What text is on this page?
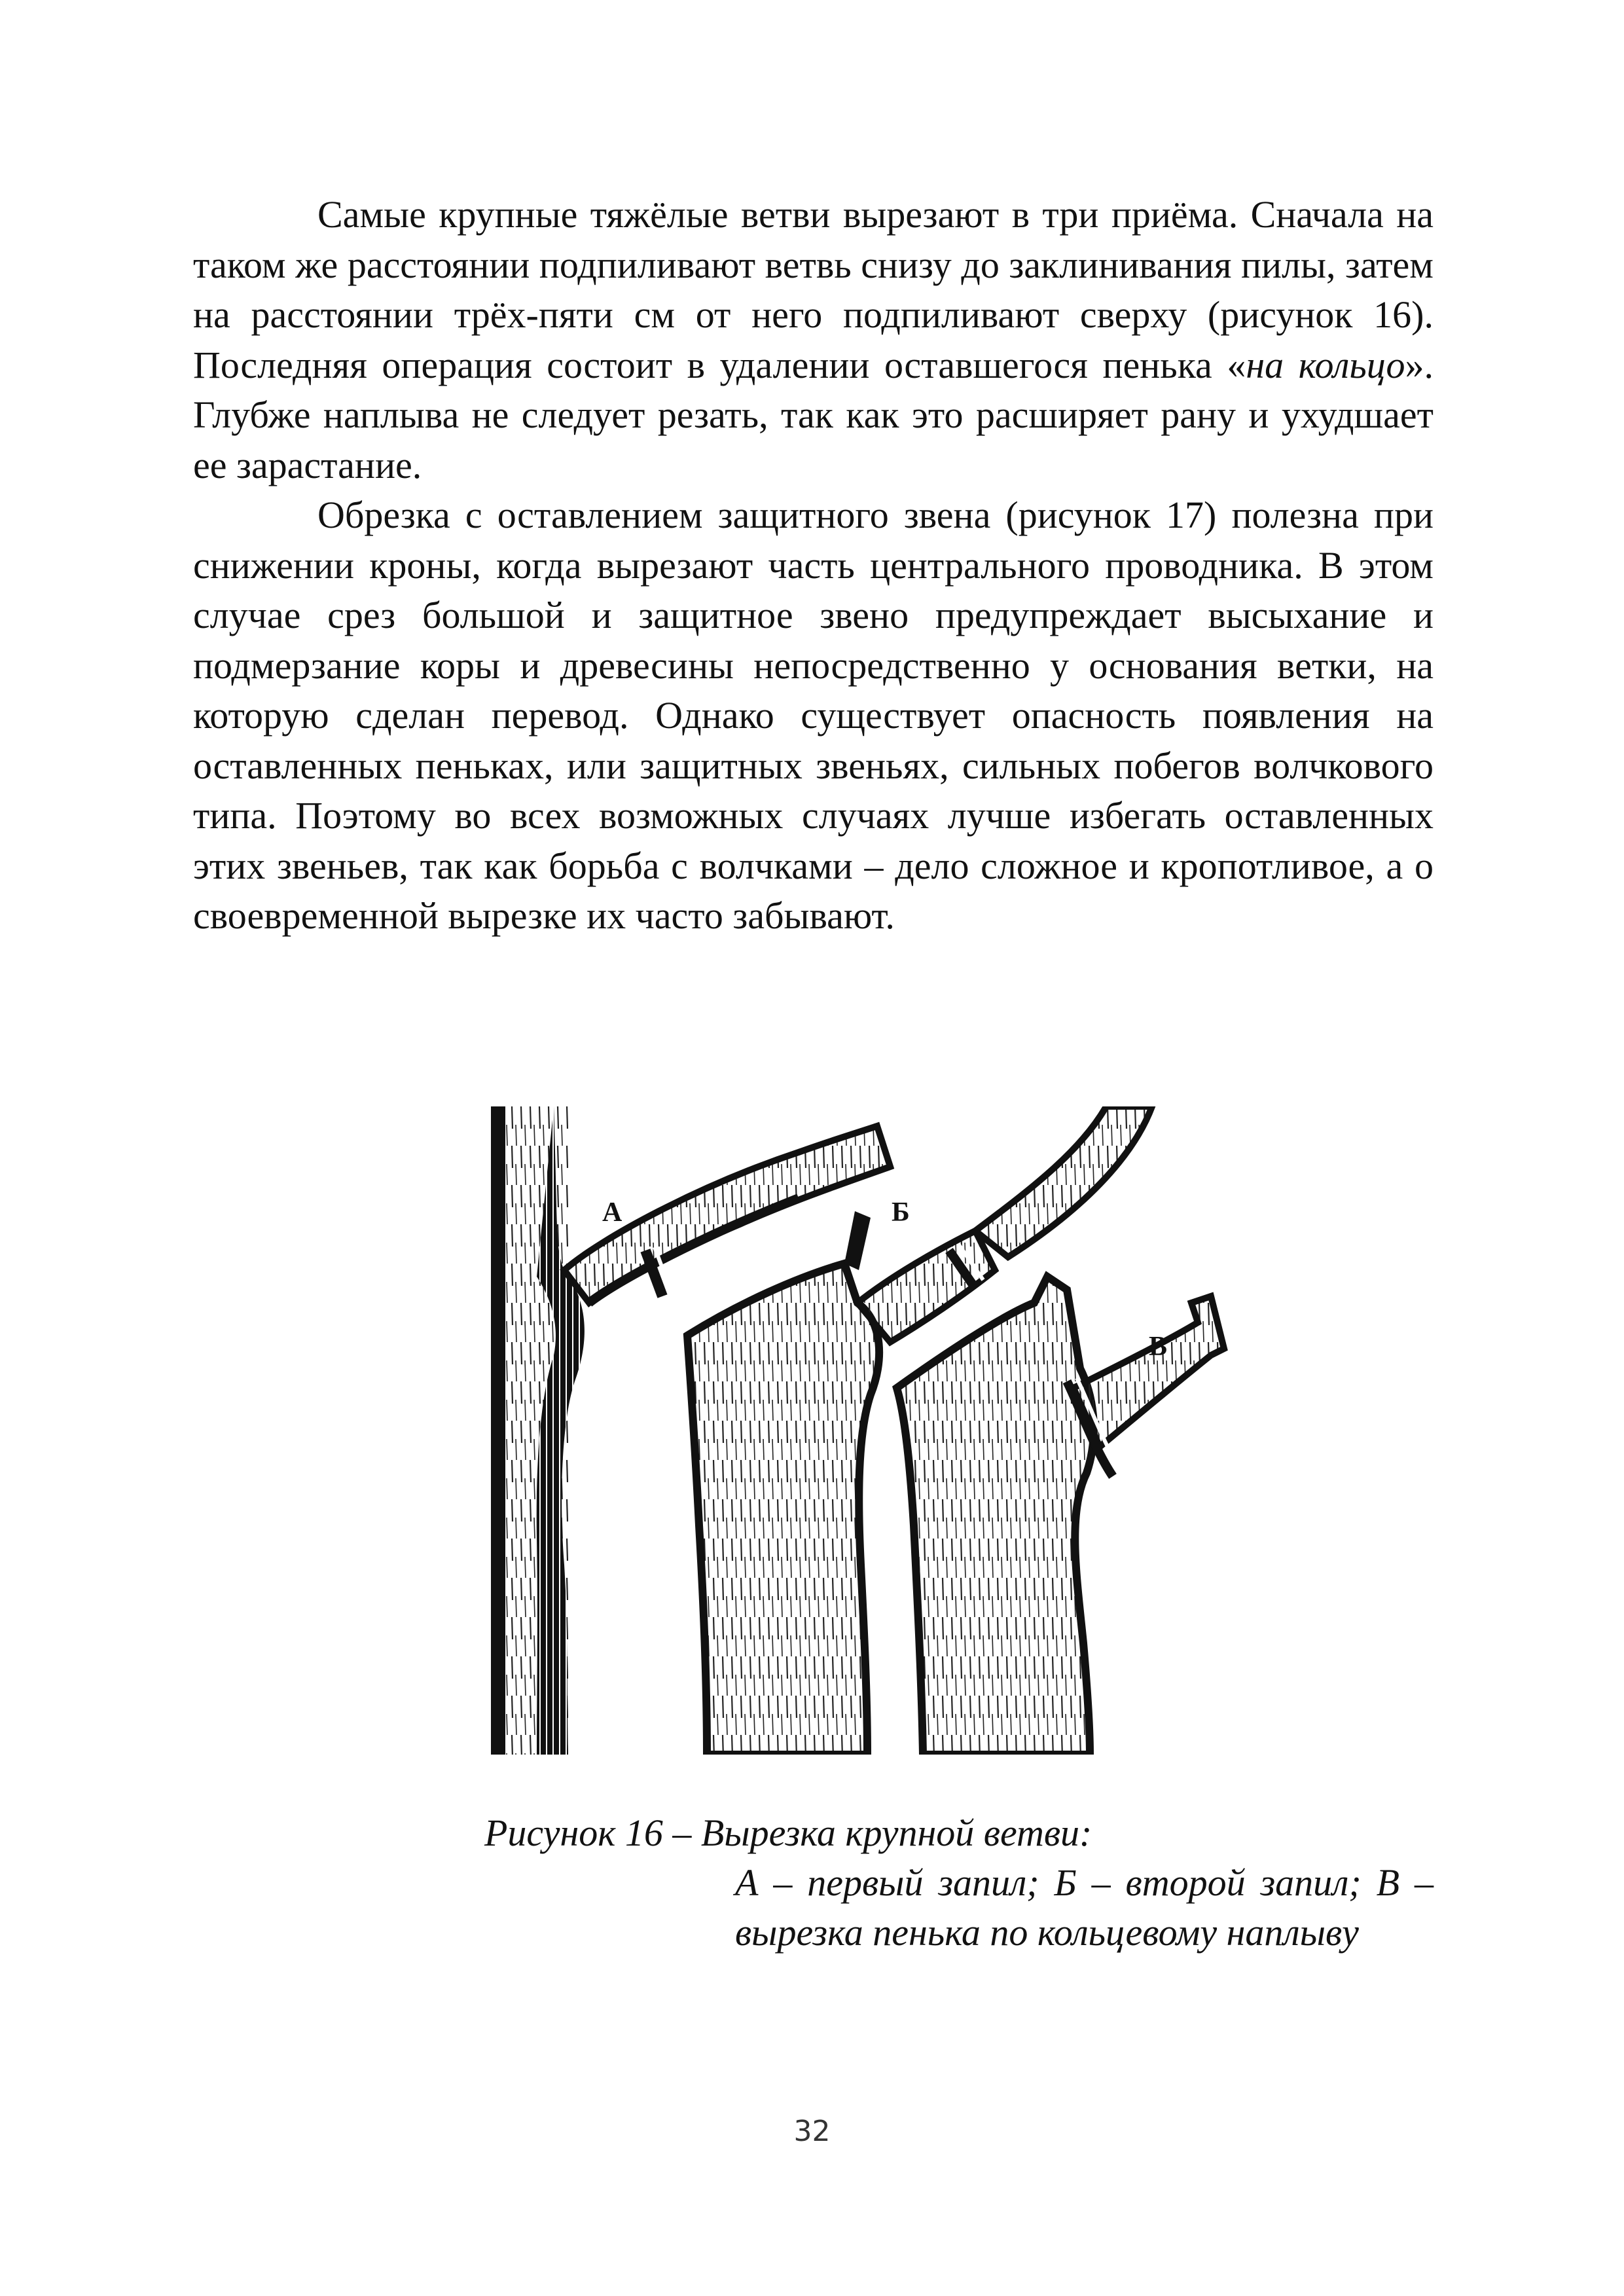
Самые крупные тяжёлые ветви вырезают в три приёма. Сначала на таком же расстоянии подпиливают ветвь снизу до заклинивания пилы, затем на расстоянии трёх-пяти см от него подпиливают сверху (рисунок 16). Последняя операция состоит в удалении оставшегося пенька «на кольцо». Глубже наплыва не следует резать, так как это расширяет рану и ухудшает ее зарастание.

Обрезка с оставлением защитного звена (рисунок 17) полезна при снижении кроны, когда вырезают часть центрального проводника. В этом случае срез большой и защитное звено предупреждает высыхание и подмерзание коры и древесины непосредственно у основания ветки, на которую сделан перевод. Однако существует опасность появления на оставленных пеньках, или защитных звеньях, сильных побегов волчкового типа. Поэтому во всех возможных случаях лучше избегать оставленных этих звеньев, так как борьба с волчками – дело сложное и кропотливое, а о своевременной вырезке их часто забывают.

А	Б
В

Рисунок 16 – Вырезка крупной ветви:

А – первый запил; Б – второй запил; В – вырезка пенька по кольцевому наплыву

32
